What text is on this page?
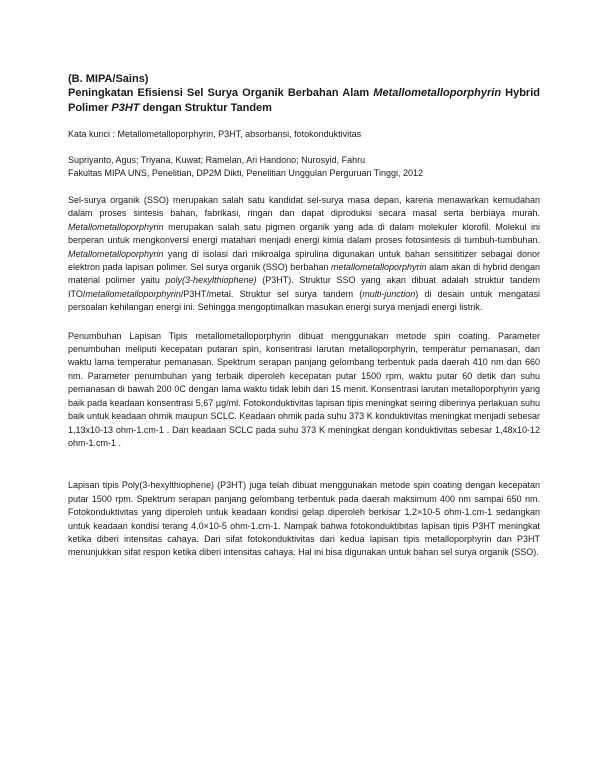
(B. MIPA/Sains)

Peningkatan Efisiensi Sel Surya Organik Berbahan Alam Metallometalloporphyrin Hybrid Polimer P3HT dengan Struktur Tandem

Kata kunci : Metallometalloporphyrin, P3HT, absorbansi, fotokonduktivitas

Supriyanto, Agus; Triyana, Kuwat; Ramelan, Ari Handono; Nurosyid, Fahru
Fakultas MIPA UNS, Penelitian, DP2M Dikti, Penelitian Unggulan Perguruan Tinggi, 2012

Sel-surya organik (SSO) merupakan salah satu kandidat sel-surya masa depan, karena menawarkan kemudahan dalam proses sintesis bahan, fabrikasi, ringan dan dapat diproduksi secara masal serta berbiaya murah. Metallometalloporphyrin merupakan salah satu pigmen organik yang ada di dalam molekuler klorofil. Molekul ini berperan untuk mengkonversi energi matahari menjadi energi kimia dalam proses fotosintesis di tumbuh-tumbuhan. Metallometalloporphyrin yang di isolasi dari mikroalga spirulina digunakan untuk bahan sensititizer sebagai donor elektron pada lapisan polimer. Sel surya organik (SSO) berbahan metallometalloporphyrin alam akan di hybrid dengan material polimer yaitu poly(3-hexylthiophene) (P3HT). Struktur SSO yang akan dibuat adalah struktur tandem ITO/metallometalloporphyrin/P3HT/metal. Struktur sel surya tandem (multi-junction) di desain untuk mengatasi persoalan kehilangan energi ini. Sehingga mengoptimalkan masukan energi surya menjadi energi listrik.

Penumbuhan Lapisan Tipis metallometalloporphyrin dibuat menggunakan metode spin coating. Parameter penumbuhan meliputi kecepatan putaran spin, konsentrasi larutan metalloporphyrin, temperatur pemanasan, dan waktu lama temperatur pemanasan. Spektrum serapan panjang gelombang terbentuk pada daerah 410 nm dan 660 nm. Parameter penumbuhan yang terbaik diperoleh kecepatan putar 1500 rpm, waktu putar 60 detik dan suhu pemanasan di bawah 200 0C dengan lama waktu tidak lebih dari 15 menit. Konsentrasi larutan metalloporphyrin yang baik pada keadaan konsentrasi 5,67 µg/ml. Fotokonduktivitas lapisan tipis meningkat seiring diberinya perlakuan suhu baik untuk keadaan ohmik maupun SCLC. Keadaan ohmik pada suhu 373 K konduktivitas meningkat menjadi sebesar 1,13x10-13 ohm-1.cm-1 . Dan keadaan SCLC pada suhu 373 K meningkat dengan konduktivitas sebesar 1,48x10-12 ohm-1.cm-1 .

Lapisan tipis Poly(3-hexylthiophene) (P3HT) juga telah dibuat menggunakan metode spin coating dengan kecepatan putar 1500 rpm. Spektrum serapan panjang gelombang terbentuk pada daerah maksimum 400 nm sampai 650 nm. Fotokonduktivitas yang diperoleh untuk keadaan kondisi gelap diperoleh berkisar 1.2×10-5 ohm-1.cm-1 sedangkan untuk keadaan kondisi terang 4.0×10-5 ohm-1.cm-1. Nampak bahwa fotokonduktibitas lapisan tipis P3HT meningkat ketika diberi intensitas cahaya. Dari sifat fotokonduktivitas dari kedua lapisan tipis metalloporphyrin dan P3HT menunjukkan sifat respon ketika diberi intensitas cahaya. Hal ini bisa digunakan untuk bahan sel surya organik (SSO).
